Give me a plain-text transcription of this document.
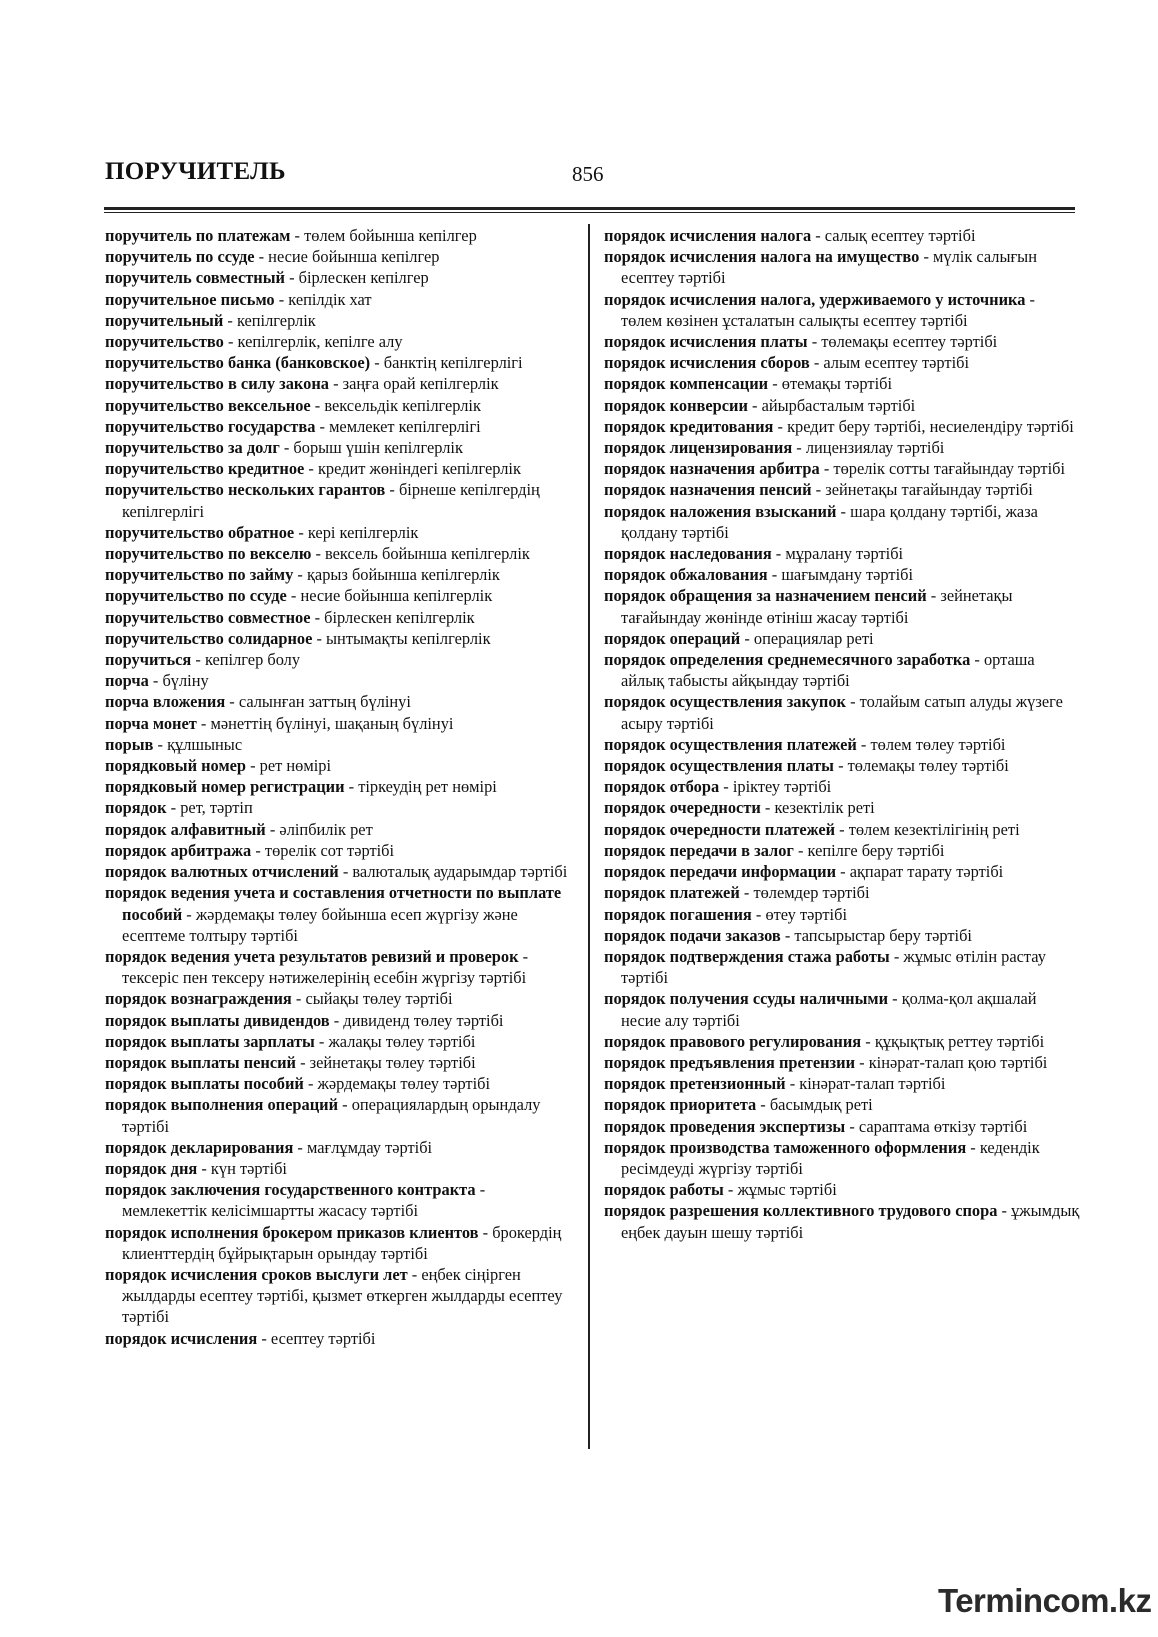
ПОРУЧИТЕЛЬ	856

поручитель по платежам - төлем бойынша кепілгер

поручитель по ссуде - несие бойынша кепілгер

поручитель совместный - бірлескен кепілгер

поручительное письмо - кепілдік хат

поручительный - кепілгерлік

поручительство - кепілгерлік, кепілге алу

поручительство банка (банковское) - банктің кепілгерлігі

поручительство в силу закона - заңға орай кепілгерлік

поручительство вексельное - вексельдік кепілгерлік

поручительство государства - мемлекет кепілгерлігі

поручительство за долг - борыш үшін кепілгерлік

поручительство кредитное - кредит жөніндегі кепілгерлік

поручительство нескольких гарантов - бірнеше кепілгердің кепілгерлігі

поручительство обратное - кері кепілгерлік

поручительство по векселю - вексель бойынша кепілгерлік

поручительство по займу - қарыз бойынша кепілгерлік

поручительство по ссуде - несие бойынша кепілгерлік

поручительство совместное - бірлескен кепілгерлік

поручительство солидарное - ынтымақты кепілгерлік

поручиться - кепілгер болу

порча - бүліну

порча вложения - салынған заттың бүлінуі

порча монет - мәнеттің бүлінуі, шақаның бүлінуі

порыв - құлшыныс

порядковый номер - рет нөмірі

порядковый номер регистрации - тіркеудің рет нөмірі

порядок - рет, тәртіп

порядок алфавитный - әліпбилік рет

порядок арбитража - төрелік сот тәртібі

порядок валютных отчислений - валюталық аударымдар тәртібі

порядок ведения учета и составления отчетности по выплате пособий - жәрдемақы төлеу бойынша есеп жүргізу және есептеме толтыру тәртібі

порядок ведения учета результатов ревизий и проверок - тексеріс пен тексеру нәтижелерінің есебін жүргізу тәртібі

порядок вознаграждения - сыйақы төлеу тәртібі

порядок выплаты дивидендов - дивиденд төлеу тәртібі

порядок выплаты зарплаты - жалақы төлеу тәртібі

порядок выплаты пенсий - зейнетақы төлеу тәртібі

порядок выплаты пособий - жәрдемақы төлеу тәртібі

порядок выполнения операций - операциялардың орындалу тәртібі

порядок декларирования - мағлұмдау тәртібі

порядок дня - күн тәртібі

порядок заключения государственного контракта - мемлекеттік келісімшартты жасасу тәртібі

порядок исполнения брокером приказов клиентов - брокердің клиенттердің бұйрықтарын орындау тәртібі

порядок исчисления сроков выслуги лет - еңбек сіңірген жылдарды есептеу тәртібі, қызмет өткерген жылдарды есептеу тәртібі

порядок исчисления - есептеу тәртібі

порядок исчисления налога - салық есептеу тәртібі

порядок исчисления налога на имущество - мүлік салығын есептеу тәртібі

порядок исчисления налога, удерживаемого у источника - төлем көзінен ұсталатын салықты есептеу тәртібі

порядок исчисления платы - төлемақы есептеу тәртібі

порядок исчисления сборов - алым есептеу тәртібі

порядок компенсации - өтемақы тәртібі

порядок конверсии - айырбасталым тәртібі

порядок кредитования - кредит беру тәртібі, несиелендіру тәртібі

порядок лицензирования - лицензиялау тәртібі

порядок назначения арбитра - төрелік сотты тағайындау тәртібі

порядок назначения пенсий - зейнетақы тағайындау тәртібі

порядок наложения взысканий - шара қолдану тәртібі, жаза қолдану тәртібі

порядок наследования - мұралану тәртібі

порядок обжалования - шағымдану тәртібі

порядок обращения за назначением пенсий - зейнетақы тағайындау жөнінде өтініш жасау тәртібі

порядок операций - операциялар реті

порядок определения среднемесячного заработка - орташа айлық табысты айқындау тәртібі

порядок осуществления закупок - толайым сатып алуды жүзеге асыру тәртібі

порядок осуществления платежей - төлем төлеу тәртібі

порядок осуществления платы - төлемақы төлеу тәртібі

порядок отбора - іріктеу тәртібі

порядок очередности - кезектілік реті

порядок очередности платежей - төлем кезектілігінің реті

порядок передачи в залог - кепілге беру тәртібі

порядок передачи информации - ақпарат тарату тәртібі

порядок платежей - төлемдер тәртібі

порядок погашения - өтеу тәртібі

порядок подачи заказов - тапсырыстар беру тәртібі

порядок подтверждения стажа работы - жұмыс өтілін растау тәртібі

порядок получения ссуды наличными - қолма-қол ақшалай несие алу тәртібі

порядок правового регулирования - құқықтық реттеу тәртібі

порядок предъявления претензии - кінәрат-талап қою тәртібі

порядок претензионный - кінәрат-талап тәртібі

порядок приоритета - басымдық реті

порядок проведения экспертизы - сараптама өткізу тәртібі

порядок производства таможенного оформления - кедендік ресімдеуді жүргізу тәртібі

порядок работы - жұмыс тәртібі

порядок разрешения коллективного трудового спора - ұжымдық еңбек дауын шешу тәртібі

Termincom.kz
